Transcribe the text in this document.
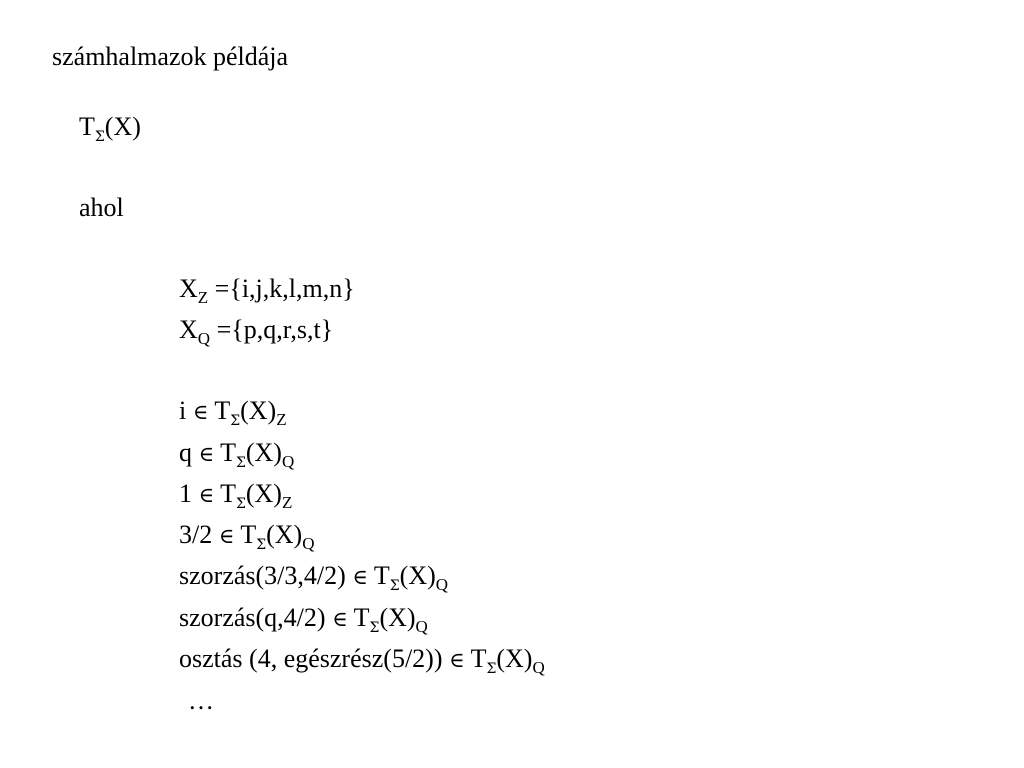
számhalmazok példája
$T_\Sigma(X)$
ahol
$X_Z =\{i,j,k,l,m,n\}$
$X_Q =\{p,q,r,s,t\}$
i ∈ $T_\Sigma(X)_Z$
q ∈ $T_\Sigma(X)_Q$
1 ∈ $T_\Sigma(X)_Z$
3/2 ∈ $T_\Sigma(X)_Q$
szorzás(3/3,4/2) ∈ $T_\Sigma(X)_Q$
szorzás(q,4/2) ∈ $T_\Sigma(X)_Q$
osztás (4, egészrész(5/2)) ∈ $T_\Sigma(X)_Q$
…
